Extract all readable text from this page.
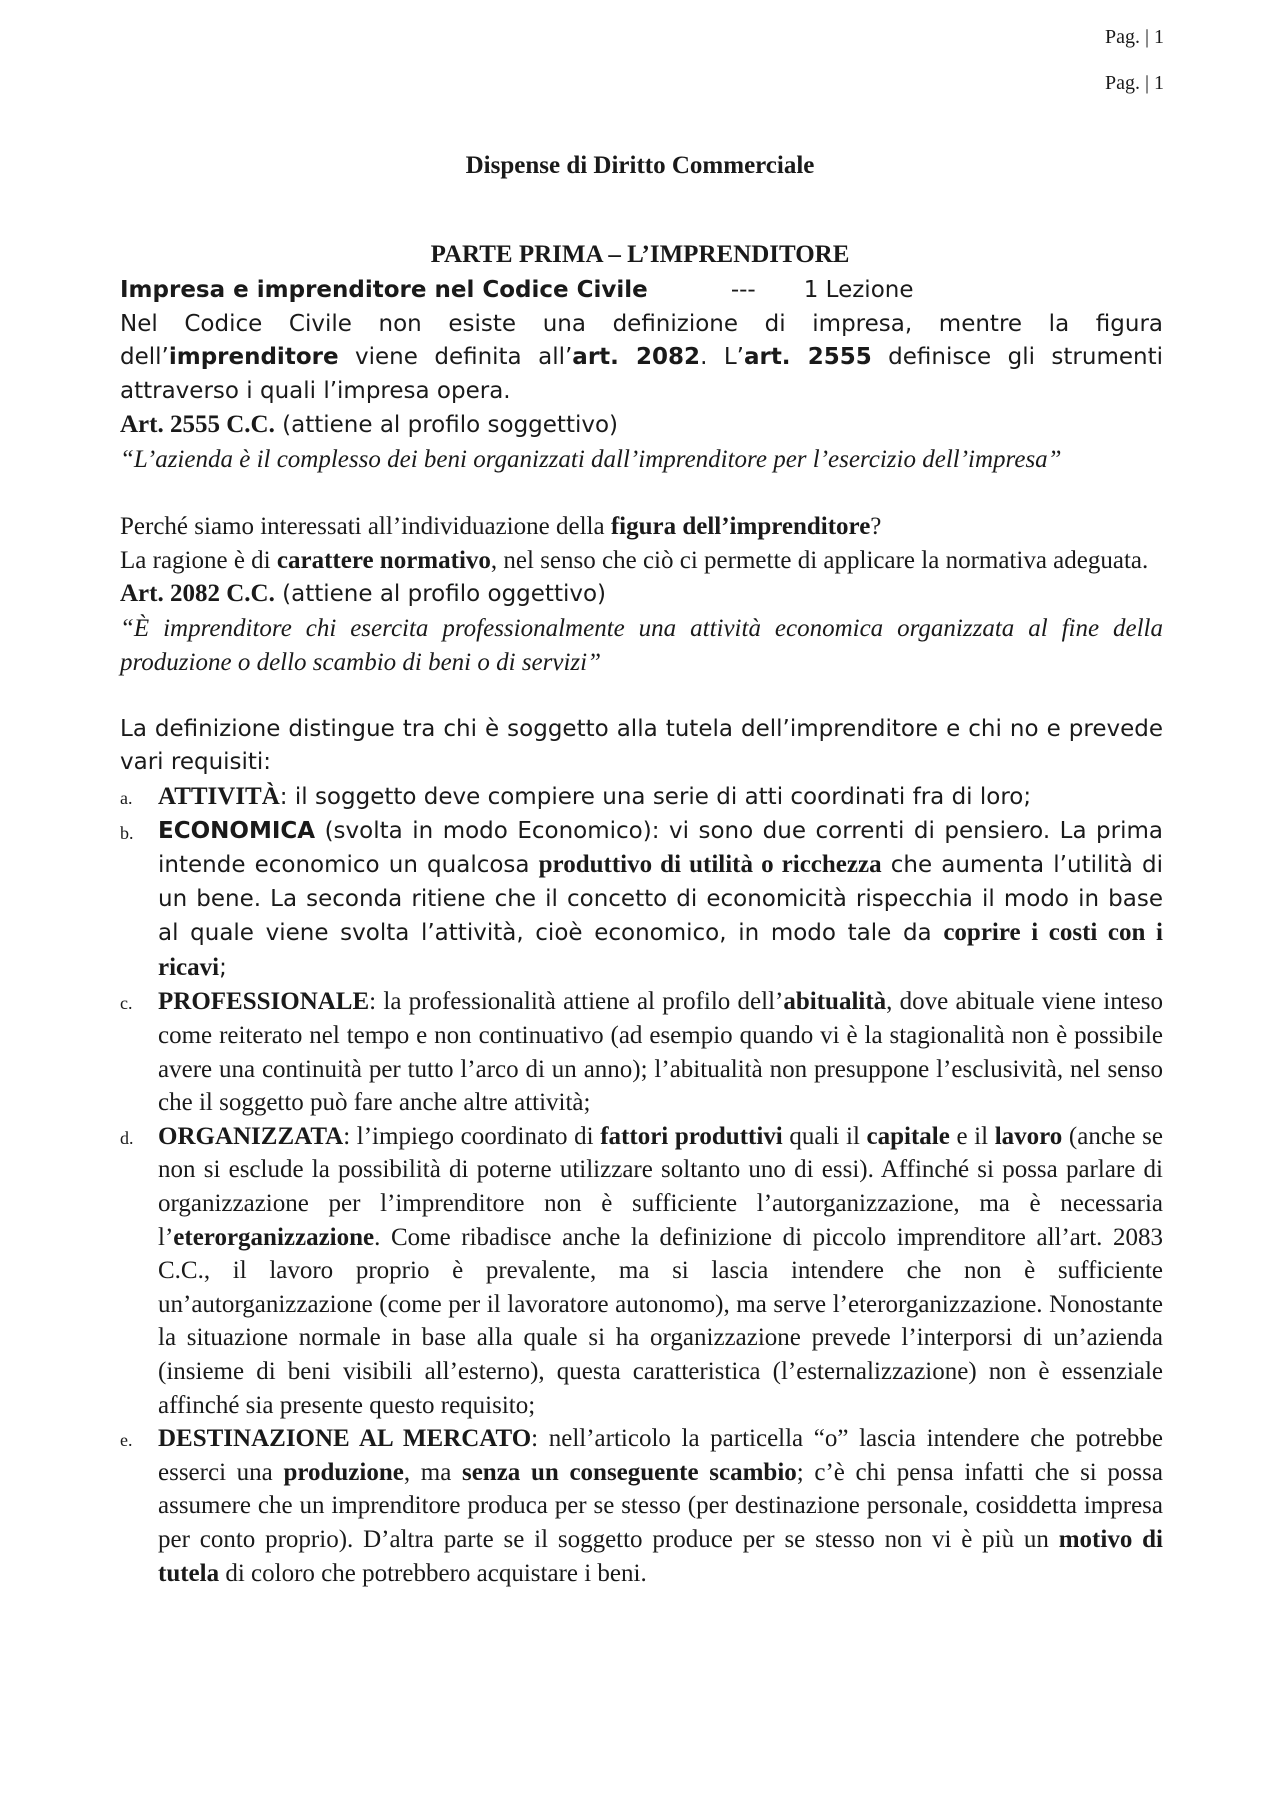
Pag. | 1
Pag. | 1
Dispense di Diritto Commerciale
PARTE PRIMA – L’IMPRENDITORE

Impresa e imprenditore nel Codice Civile	--- 1 Lezione

Nel Codice Civile non esiste una definizione di impresa, mentre la figura dell’imprenditore viene definita all’art. 2082. L’art. 2555 definisce gli strumenti attraverso i quali l’impresa opera.

Art. 2555 C.C. (attiene al profilo soggettivo)

“L’azienda è il complesso dei beni organizzati dall’imprenditore per l’esercizio dell’impresa”

Perché siamo interessati all’individuazione della figura dell’imprenditore?

La ragione è di carattere normativo, nel senso che ciò ci permette di applicare la normativa adeguata.

Art. 2082 C.C. (attiene al profilo oggettivo)

“È imprenditore chi esercita professionalmente una attività economica organizzata al fine della produzione o dello scambio di beni o di servizi”

La definizione distingue tra chi è soggetto alla tutela dell’imprenditore e chi no e prevede vari requisiti:

a. ATTIVITÀ: il soggetto deve compiere una serie di atti coordinati fra di loro;
b. ECONOMICA (svolta in modo Economico): vi sono due correnti di pensiero. La prima intende economico un qualcosa produttivo di utilità o ricchezza che aumenta l’utilità di un bene. La seconda ritiene che il concetto di economicità rispecchia il modo in base al quale viene svolta l’attività, cioè economico, in modo tale da coprire i costi con i ricavi;
c. PROFESSIONALE: la professionalità attiene al profilo dell’abitualità, dove abituale viene inteso come reiterato nel tempo e non continuativo (ad esempio quando vi è la stagionalità non è possibile avere una continuità per tutto l’arco di un anno); l’abitualità non presuppone l’esclusività, nel senso che il soggetto può fare anche altre attività;
d. ORGANIZZATA: l’impiego coordinato di fattori produttivi quali il capitale e il lavoro (anche se non si esclude la possibilità di poterne utilizzare soltanto uno di essi). Affinché si possa parlare di organizzazione per l’imprenditore non è sufficiente l’autorganizzazione, ma è necessaria l’eterorganizzazione. Come ribadisce anche la definizione di piccolo imprenditore all’art. 2083 C.C., il lavoro proprio è prevalente, ma si lascia intendere che non è sufficiente un’autorganizzazione (come per il lavoratore autonomo), ma serve l’eterorganizzazione. Nonostante la situazione normale in base alla quale si ha organizzazione prevede l’interporsi di un’azienda (insieme di beni visibili all’esterno), questa caratteristica (l’esternalizzazione) non è essenziale affinché sia presente questo requisito;
e. DESTINAZIONE AL MERCATO: nell’articolo la particella “o” lascia intendere che potrebbe esserci una produzione, ma senza un conseguente scambio; c’è chi pensa infatti che si possa assumere che un imprenditore produca per se stesso (per destinazione personale, cosiddetta impresa per conto proprio). D’altra parte se il soggetto produce per se stesso non vi è più un motivo di tutela di coloro che potrebbero acquistare i beni.
